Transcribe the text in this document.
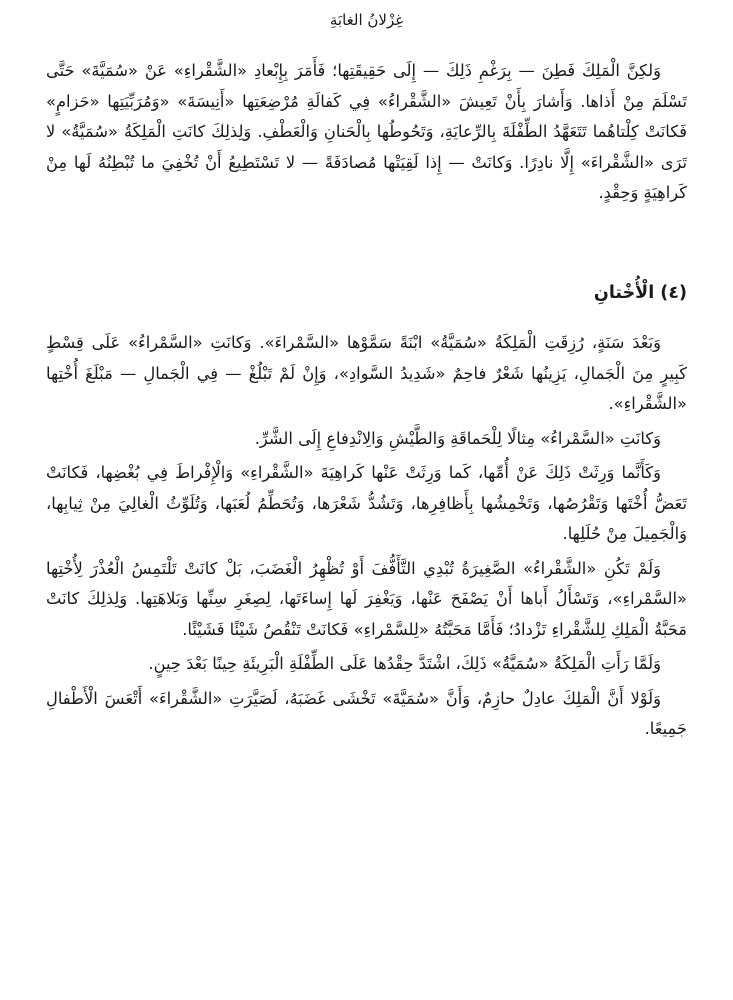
غِزْلانُ الغابَةِ

وَلكِنَّ الْمَلِكَ فَطِنَ — بِرَغْمِ ذَلِكَ — إِلَى حَقِيقَتِها؛ فَأَمَرَ بِإِبْعادِ «الشَّقْراءِ» عَنْ «سُمَيَّةَ» حَتَّى تَسْلَمَ مِنْ أَذاها. وَأَشارَ بِأَنْ تَعِيشَ «الشَّقْراءُ» فِي كَفالَةِ مُرْضِعَتِها «أَنِيسَةَ» «وَمُرَبِّيَتِها «حَزامٍ» فَكانَتْ كِلْتاهُما تَتَعَهَّدُ الطِّفْلَةَ بِالرِّعايَةِ، وَتَحُوطُها بِالْحَنانِ وَالْعَطْفِ. وَلِذلِكَ كانَتِ الْمَلِكَةُ «سُمَيَّةُ» لا تَرَى «الشَّقْراءَ» إِلَّا نادِرًا. وَكانَتْ — إِذا لَقِيَتْها مُصادَفَةً — لا تَسْتَطِيعُ أَنْ تُخْفِيَ ما تُبْطِنُهُ لَها مِنْ كَراهِيَةٍ وَحِقْدٍ.

(٤) الْأُخْتانِ

وَبَعْدَ سَنَةٍ، رُزِقَتِ الْمَلِكَةُ «سُمَيَّةُ» ابْنَةً سَمَّوْها «السَّمْراءَ». وَكانَتِ «السَّمْراءُ» عَلَى قِسْطٍ كَبِيرٍ مِنَ الْجَمالِ، يَزِينُها شَعْرٌ فاحِمٌ «شَدِيدُ السَّوادِ»، وَإِنْ لَمْ تَبْلُغْ — فِي الْجَمالِ — مَبْلَغَ أُخْتِها «الشَّقْراءِ».

وَكانَتِ «السَّمْراءُ» مِثالًا لِلْحَماقَةِ وَالطَّيْشِ وَالِانْدِفاعِ إِلَى الشَّرِّ.

وَكَأَنَّما وَرِثَتْ ذَلِكَ عَنْ أُمِّها، كَما وَرِثَتْ عَنْها كَراهِيَةَ «الشَّقْراءِ» وَالْإِفْراطَ فِي بُغْضِها، فَكانَتْ تَعَضُّ أُخْتَها وَتَقْرُصُها، وَتَخْمِشُها بِأَظافِرِها، وَتَشُدُّ شَعْرَها، وَتُحَطِّمُ لُعَبَها، وَتُلَوِّثُ الْغالِيَ مِنْ ثِيابِها، وَالْجَمِيلَ مِنْ حُلَلِها.

وَلَمْ تَكُنِ «الشَّقْراءُ» الصَّغِيرَةُ تُبْدِي التَّأَفُّفَ أَوْ تُظْهِرُ الْغَضَبَ، بَلْ كانَتْ تَلْتَمِسُ الْعُذْرَ لِأُخْتِها «السَّمْراءِ»، وَتَسْأَلُ أَباها أَنْ يَصْفَحَ عَنْها، وَيَغْفِرَ لَها إِساءَتَها، لِصِغَرِ سِنِّها وَبَلاهَتِها. وَلِذلِكَ كانَتْ مَحَبَّةُ الْمَلِكِ لِلشَّقْراءِ تَزْدادُ؛ فَأَمَّا مَحَبَّتُهُ «لِلسَّمْراءِ» فَكانَتْ تَنْقُصُ شَيْئًا فَشَيْئًا.

وَلَمَّا رَأَتِ الْمَلِكَةُ «سُمَيَّةُ» ذَلِكَ، اشْتَدَّ حِقْدُها عَلَى الطِّفْلَةِ الْبَرِيئَةِ حِينًا بَعْدَ حِينٍ.

وَلَوْلا أَنَّ الْمَلِكَ عادِلٌ حازِمٌ، وَأَنَّ «سُمَيَّةَ» تَخْشَى غَضَبَهُ، لَصَيَّرَتِ «الشَّقْراءَ» أَتْعَسَ الْأَطْفالِ جَمِيعًا.
